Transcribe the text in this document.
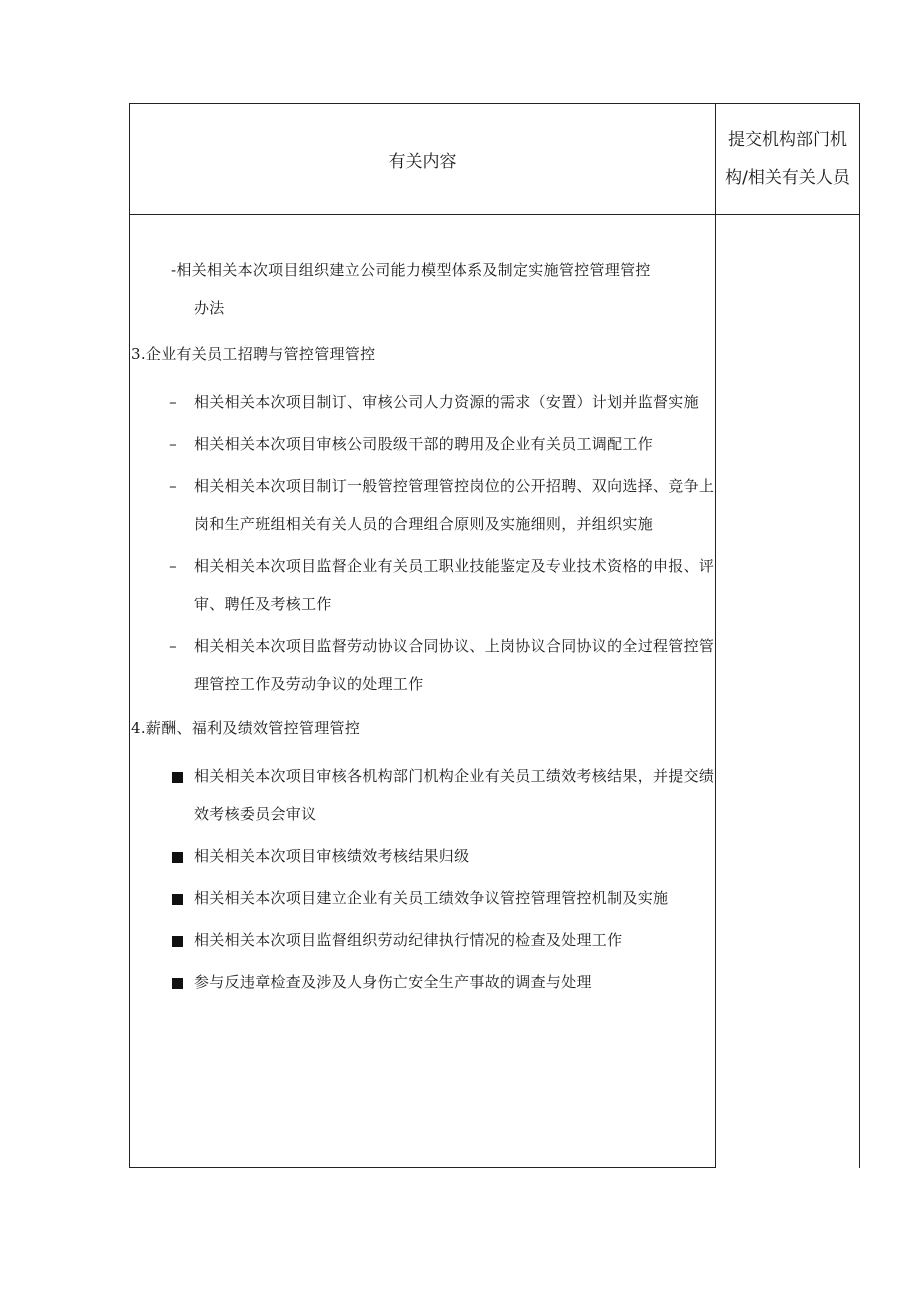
有关内容
提交机构部门机
构/相关有关人员
-相关相关本次项目组织建立公司能力模型体系及制定实施管控管理管控
办法
3.企业有关员工招聘与管控管理管控
–	相关相关本次项目制订、审核公司人力资源的需求（安置）计划并监督实施
–	相关相关本次项目审核公司股级干部的聘用及企业有关员工调配工作
–	相关相关本次项目制订一般管控管理管控岗位的公开招聘、双向选择、竞争上岗和生产班组相关有关人员的合理组合原则及实施细则，并组织实施
–	相关相关本次项目监督企业有关员工职业技能鉴定及专业技术资格的申报、评审、聘任及考核工作
–	相关相关本次项目监督劳动协议合同协议、上岗协议合同协议的全过程管控管理管控工作及劳动争议的处理工作
4.薪酬、福利及绩效管控管理管控
相关相关本次项目审核各机构部门机构企业有关员工绩效考核结果，并提交绩效考核委员会审议
相关相关本次项目审核绩效考核结果归级
相关相关本次项目建立企业有关员工绩效争议管控管理管控机制及实施
相关相关本次项目监督组织劳动纪律执行情况的检查及处理工作
参与反违章检查及涉及人身伤亡安全生产事故的调查与处理
